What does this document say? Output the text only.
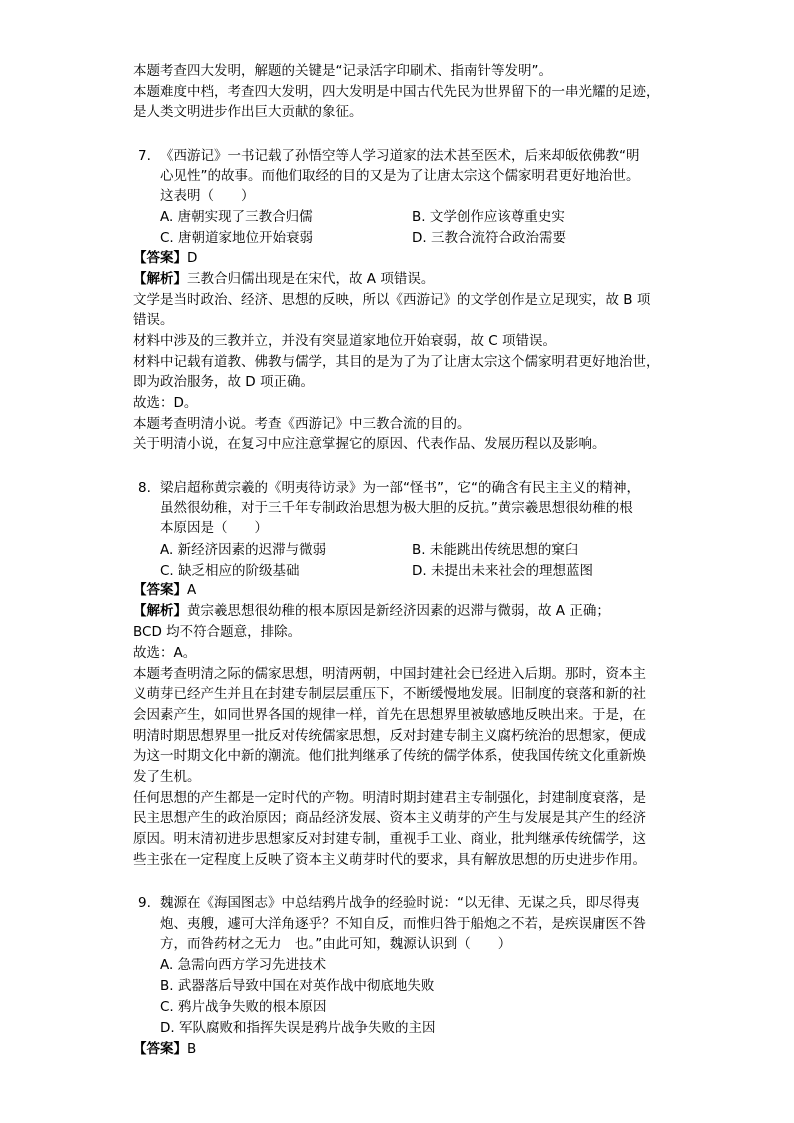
本题考查四大发明，解题的关键是“记录活字印刷术、指南针等发明”。
本题难度中档，考查四大发明，四大发明是中国古代先民为世界留下的一串光耀的足迹，
是人类文明进步作出巨大贡献的象征。
7. 《西游记》一书记载了孙悟空等人学习道家的法术甚至医术，后来却皈依佛教“明
心见性”的故事。而他们取经的目的又是为了让唐太宗这个儒家明君更好地治世。
这表明（　　）
A. 唐朝实现了三教合归儒	B. 文学创作应该尊重史实
C. 唐朝道家地位开始衰弱	D. 三教合流符合政治需要
【答案】D
【解析】三教合归儒出现是在宋代，故 A 项错误。
文学是当时政治、经济、思想的反映，所以《西游记》的文学创作是立足现实，故 B 项
错误。
材料中涉及的三教并立，并没有突显道家地位开始衰弱，故 C 项错误。
材料中记载有道教、佛教与儒学，其目的是为了为了让唐太宗这个儒家明君更好地治世，
即为政治服务，故 D 项正确。
故选：D。
本题考查明清小说。考查《西游记》中三教合流的目的。
关于明清小说，在复习中应注意掌握它的原因、代表作品、发展历程以及影响。
8. 梁启超称黄宗羲的《明夷待访录》为一部“怪书”，它“的确含有民主主义的精神，
虽然很幼稚，对于三千年专制政治思想为极大胆的反抗。”黄宗羲思想很幼稚的根
本原因是（　　）
A. 新经济因素的迟滞与微弱	B. 未能跳出传统思想的窠臼
C. 缺乏相应的阶级基础	D. 未提出未来社会的理想蓝图
【答案】A
【解析】黄宗羲思想很幼稚的根本原因是新经济因素的迟滞与微弱，故 A 正确；
BCD 均不符合题意，排除。
故选：A。
本题考查明清之际的儒家思想，明清两朝，中国封建社会已经进入后期。那时，资本主
义萌芽已经产生并且在封建专制层层重压下，不断缓慢地发展。旧制度的衰落和新的社
会因素产生，如同世界各国的规律一样，首先在思想界里被敏感地反映出来。于是，在
明清时期思想界里一批反对传统儒家思想，反对封建专制主义腐朽统治的思想家，便成
为这一时期文化中新的潮流。他们批判继承了传统的儒学体系，使我国传统文化重新焕
发了生机。
任何思想的产生都是一定时代的产物。明清时期封建君主专制强化，封建制度衰落，是
民主思想产生的政治原因；商品经济发展、资本主义萌芽的产生与发展是其产生的经济
原因。明末清初进步思想家反对封建专制，重视手工业、商业，批判继承传统儒学，这
些主张在一定程度上反映了资本主义萌芽时代的要求，具有解放思想的历史进步作用。
9. 魏源在《海国图志》中总结鸦片战争的经验时说：“以无律、无谋之兵，即尽得夷
炮、夷艘，遽可大洋角逐乎？不知自反，而惟归咎于船炮之不若，是疾误庸医不咎
方，而咎药材之无力　也。”由此可知，魏源认识到（　　）
A. 急需向西方学习先进技术
B. 武器落后导致中国在对英作战中彻底地失败
C. 鸦片战争失败的根本原因
D. 军队腐败和指挥失误是鸦片战争失败的主因
【答案】B
